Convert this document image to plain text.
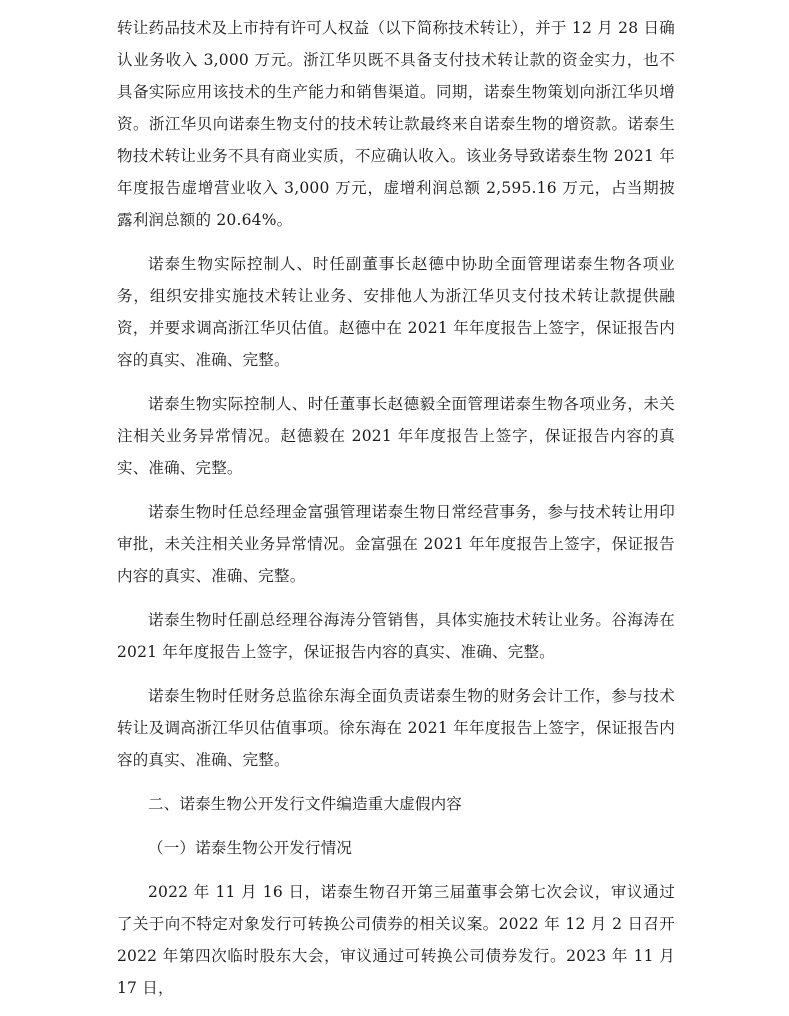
转让药品技术及上市持有许可人权益（以下简称技术转让），并于 12 月 28 日确认业务收入 3,000 万元。浙江华贝既不具备支付技术转让款的资金实力，也不具备实际应用该技术的生产能力和销售渠道。同期，诺泰生物策划向浙江华贝增资。浙江华贝向诺泰生物支付的技术转让款最终来自诺泰生物的增资款。诺泰生物技术转让业务不具有商业实质，不应确认收入。该业务导致诺泰生物 2021 年年度报告虚增营业收入 3,000 万元，虚增利润总额 2,595.16 万元，占当期披露利润总额的 20.64%。

诺泰生物实际控制人、时任副董事长赵德中协助全面管理诺泰生物各项业务，组织安排实施技术转让业务、安排他人为浙江华贝支付技术转让款提供融资，并要求调高浙江华贝估值。赵德中在 2021 年年度报告上签字，保证报告内容的真实、准确、完整。

诺泰生物实际控制人、时任董事长赵德毅全面管理诺泰生物各项业务，未关注相关业务异常情况。赵德毅在 2021 年年度报告上签字，保证报告内容的真实、准确、完整。

诺泰生物时任总经理金富强管理诺泰生物日常经营事务，参与技术转让用印审批，未关注相关业务异常情况。金富强在 2021 年年度报告上签字，保证报告内容的真实、准确、完整。

诺泰生物时任副总经理谷海涛分管销售，具体实施技术转让业务。谷海涛在 2021 年年度报告上签字，保证报告内容的真实、准确、完整。

诺泰生物时任财务总监徐东海全面负责诺泰生物的财务会计工作，参与技术转让及调高浙江华贝估值事项。徐东海在 2021 年年度报告上签字，保证报告内容的真实、准确、完整。

二、诺泰生物公开发行文件编造重大虚假内容
（一）诺泰生物公开发行情况

2022 年 11 月 16 日，诺泰生物召开第三届董事会第七次会议，审议通过了关于向不特定对象发行可转换公司债券的相关议案。2022 年 12 月 2 日召开 2022 年第四次临时股东大会，审议通过可转换公司债券发行。2023 年 11 月 17 日，
